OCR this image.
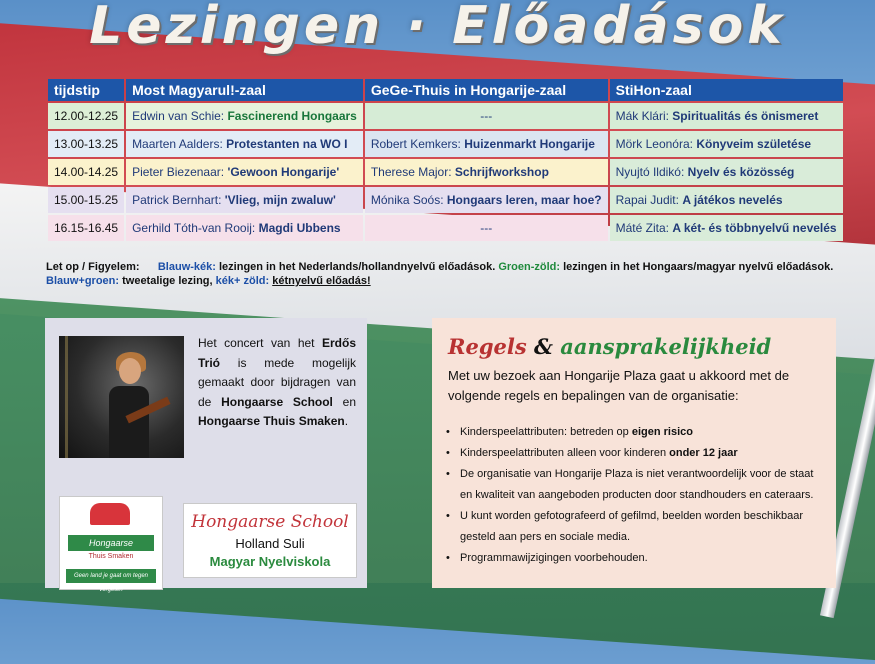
Lezingen · Előadások
tijdstip	Most Magyarul!-zaal	GeGe-Thuis in Hongarije-zaal	StiHon-zaal
12.00-12.25	Edwin van Schie: Fascinerend Hongaars	---	Mák Klári: Spiritualitás és önismeret
13.00-13.25	Maarten Aalders: Protestanten na WO I	Robert Kemkers: Huizenmarkt Hongarije	Mörk Leonóra: Könyveim születése
14.00-14.25	Pieter Biezenaar: 'Gewoon Hongarije'	Therese Major: Schrijfworkshop	Nyujtó Ildikó: Nyelv és közösség
15.00-15.25	Patrick Bernhart: 'Vlieg, mijn zwaluw'	Mónika Soós: Hongaars leren, maar hoe?	Rapai Judit: A játékos nevelés
16.15-16.45	Gerhild Tóth-van Rooij: Magdi Ubbens	---	Máté Zita: A két- és többnyelvű nevelés
Let op / Figyelem: Blauw-kék: lezingen in het Nederlands/hollandnyelvű előadások. Groen-zöld: lezingen in het Hongaars/magyar nyelvű előadások. Blauw+groen: tweetalige lezing, kék+ zöld: kétnyelvű előadás!
Het concert van het Erdős Trió is mede mogelijk gemaakt door bijdragen van de Hongaarse School en Hongaarse Thuis Smaken.
Hongaarse
Thuis Smaken
Geen land je gaat om tegen vergeten
Hongaarse School
Holland Suli
Magyar Nyelviskola
Regels & aansprakelijkheid
Met uw bezoek aan Hongarije Plaza gaat u akkoord met de volgende regels en bepalingen van de organisatie:
• Kinderspeelattributen: betreden op eigen risico
• Kinderspeelattributen alleen voor kinderen onder 12 jaar
• De organisatie van Hongarije Plaza is niet verantwoordelijk voor de staat en kwaliteit van aangeboden producten door standhouders en cateraars.
• U kunt worden gefotografeerd of gefilmd, beelden worden beschikbaar gesteld aan pers en sociale media.
• Programmawijzigingen voorbehouden.
